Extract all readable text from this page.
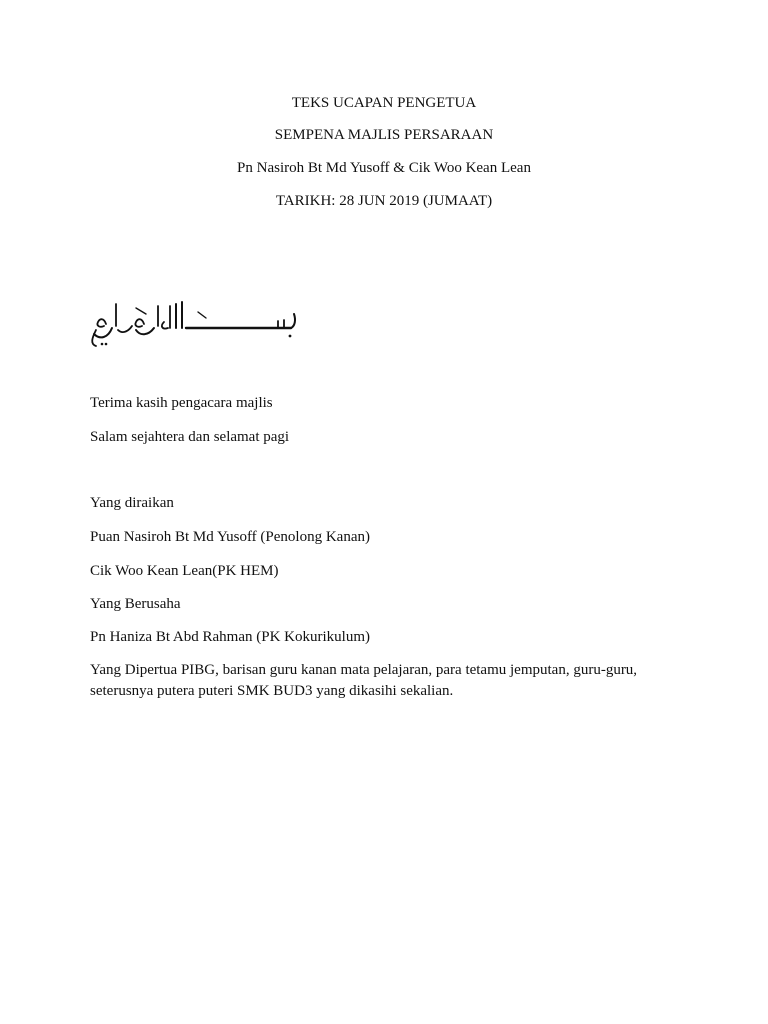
TEKS UCAPAN PENGETUA
SEMPENA MAJLIS PERSARAAN
Pn Nasiroh Bt Md Yusoff & Cik Woo Kean Lean
TARIKH: 28 JUN 2019 (JUMAAT)
Terima kasih pengacara majlis
Salam sejahtera dan selamat pagi
Yang diraikan
Puan Nasiroh Bt Md Yusoff (Penolong Kanan)
Cik Woo Kean Lean(PK HEM)
Yang Berusaha
Pn Haniza Bt Abd Rahman (PK Kokurikulum)
Yang Dipertua PIBG, barisan guru kanan mata pelajaran, para tetamu jemputan, guru-guru, seterusnya putera puteri SMK BUD3 yang dikasihi sekalian.
